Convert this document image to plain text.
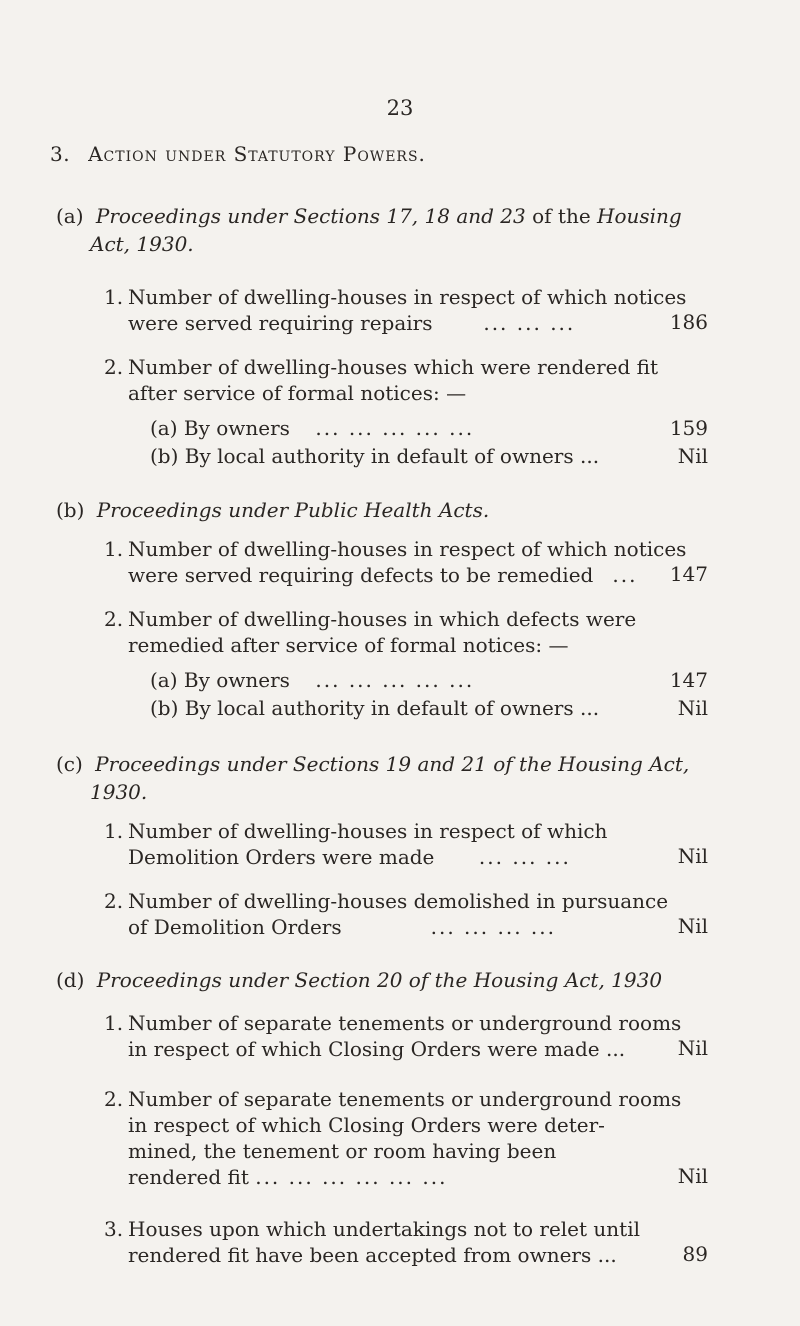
23
3. Action under Statutory Powers.
(a) Proceedings under Sections 17, 18 and 23 of the Housing
Act, 1930.
1. Number of dwelling-houses in respect of which notices
were served requiring repairs	... ... ...	186
2. Number of dwelling-houses which were rendered fit
after service of formal notices: —
(a) By owners ... ... ... ... ...	159
(b) By local authority in default of owners ...	Nil
(b) Proceedings under Public Health Acts.
1. Number of dwelling-houses in respect of which notices
were served requiring defects to be remedied ...	147
2. Number of dwelling-houses in which defects were
remedied after service of formal notices: —
(a) By owners ... ... ... ... ...	147
(b) By local authority in default of owners ...	Nil
(c) Proceedings under Sections 19 and 21 of the Housing Act,
1930.
1. Number of dwelling-houses in respect of which
Demolition Orders were made ... ... ...	Nil
2. Number of dwelling-houses demolished in pursuance
of Demolition Orders	... ... ... ...	Nil
(d) Proceedings under Section 20 of the Housing Act, 1930
1. Number of separate tenements or underground rooms
in respect of which Closing Orders were made ...	Nil
2. Number of separate tenements or underground rooms
in respect of which Closing Orders were deter-
mined, the tenement or room having been
rendered fit ... ... ... ... ... ...	Nil
3. Houses upon which undertakings not to relet until
rendered fit have been accepted from owners ...	89
